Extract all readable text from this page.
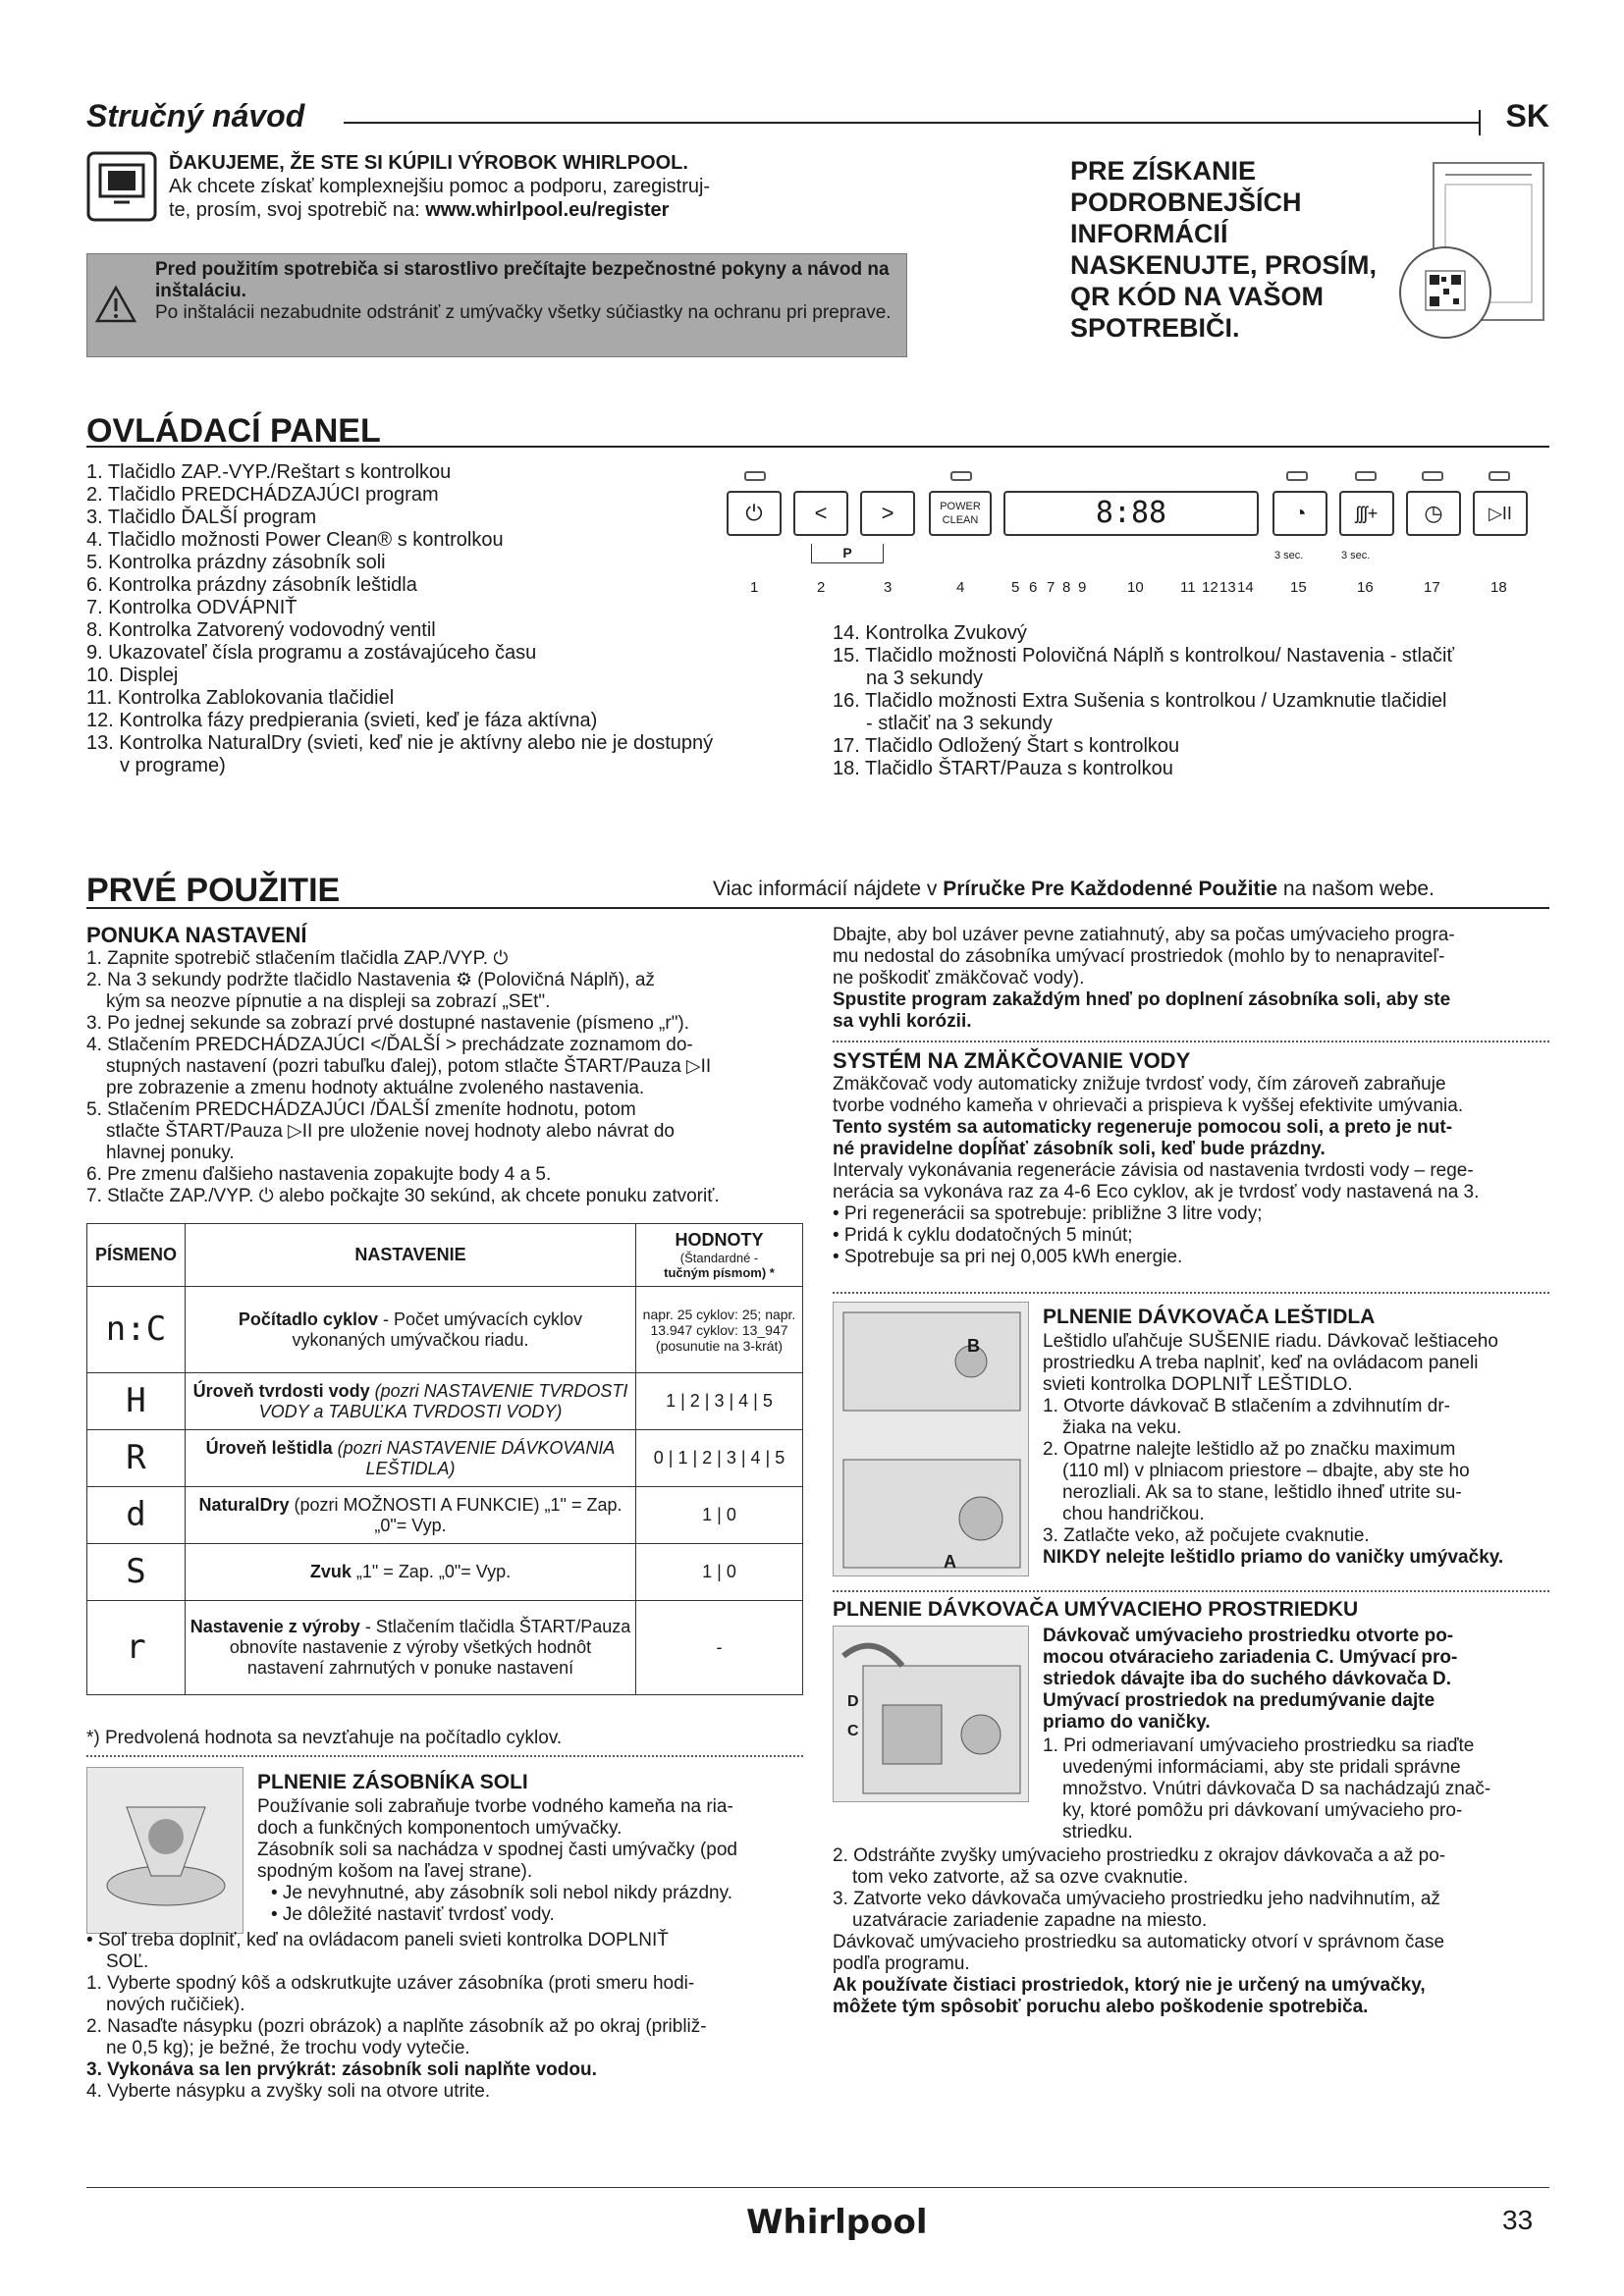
Stručný návod	SK
ĎAKUJEME, ŽE STE SI KÚPILI VÝROBOK WHIRLPOOL.
Ak chcete získať komplexnejšiu pomoc a podporu, zaregistruj-
te, prosím, svoj spotrebič na: www.whirlpool.eu/register
Pred použitím spotrebiča si starostlivo prečítajte bezpečnostné pokyny a návod na inštaláciu.
Po inštalácii nezabudnite odstrániť z umývačky všetky súčiastky na ochranu pri preprave.
PRE ZÍSKANIE PODROBNEJŠÍCH INFORMÁCIÍ NASKENUJTE, PROSÍM, QR KÓD NA VAŠOM SPOTREBIČI.
OVLÁDACÍ PANEL
1. Tlačidlo ZAP.-VYP./Reštart s kontrolkou
2. Tlačidlo PREDCHÁDZAJÚCI program
3. Tlačidlo ĎALŠÍ program
4. Tlačidlo možnosti Power Clean® s kontrolkou
5. Kontrolka prázdny zásobník soli
6. Kontrolka prázdny zásobník leštidla
7. Kontrolka ODVÁPNIŤ
8. Kontrolka Zatvorený vodovodný ventil
9. Ukazovateľ čísla programu a zostávajúceho času
10. Displej
11. Kontrolka Zablokovania tlačidiel
12. Kontrolka fázy predpierania (svieti, keď je fáza aktívna)
13. Kontrolka NaturalDry (svieti, keď nie je aktívny alebo nie je dostupný
v programe)
⏻	<	>	POWER
CLEAN	8:88	◔	ʃʃʃ+	◷	▷II
P	3 sec.	3 sec.
1	2	3	4	5 6 7 8 9	10 11 12 13 14 15	16	17	18
14. Kontrolka Zvukový
15. Tlačidlo možnosti Polovičná Náplň s kontrolkou/ Nastavenia - stlačiť
na 3 sekundy
16. Tlačidlo možnosti Extra Sušenia s kontrolkou / Uzamknutie tlačidiel
- stlačiť na 3 sekundy
17. Tlačidlo Odložený Štart s kontrolkou
18. Tlačidlo ŠTART/Pauza s kontrolkou
PRVÉ POUŽITIE	Viac informácií nájdete v Príručke Pre Každodenné Použitie na našom webe.
PONUKA NASTAVENÍ
1. Zapnite spotrebič stlačením tlačidla ZAP./VYP. ⏻
2. Na 3 sekundy podržte tlačidlo Nastavenia ⚙ (Polovičná Náplň), až
kým sa neozve pípnutie a na displeji sa zobrazí „SEt".
3. Po jednej sekunde sa zobrazí prvé dostupné nastavenie (písmeno „r").
4. Stlačením PREDCHÁDZAJÚCI </ĎALŠÍ > prechádzate zoznamom do-
stupných nastavení (pozri tabuľku ďalej), potom stlačte ŠTART/Pauza ▷II
pre zobrazenie a zmenu hodnoty aktuálne zvoleného nastavenia.
5. Stlačením PREDCHÁDZAJÚCI /ĎALŠÍ zmeníte hodnotu, potom
stlačte ŠTART/Pauza ▷II pre uloženie novej hodnoty alebo návrat do
hlavnej ponuky.
6. Pre zmenu ďalšieho nastavenia zopakujte body 4 a 5.
7. Stlačte ZAP./VYP. ⏻ alebo počkajte 30 sekúnd, ak chcete ponuku zatvoriť.
PÍSMENO	NASTAVENIE	HODNOTY
(Štandardné -
tučným písmom) *

n:C	Počítadlo cyklov - Počet umývacích cyklov vykonaných umývačkou riadu.	napr. 25 cyklov: 25; napr. 13.947 cyklov: 13_947 (posunutie na 3-krát)
H	Úroveň tvrdosti vody (pozri NASTAVENIE TVRDOSTI VODY a TABUĽKA TVRDOSTI VODY)	1 | 2 | 3 | 4 | 5
R	Úroveň leštidla (pozri NASTAVENIE DÁVKOVANIA LEŠTIDLA)	0 | 1 | 2 | 3 | 4 | 5
d	NaturalDry (pozri MOŽNOSTI A FUNKCIE) „1" = Zap. „0"= Vyp.	1 | 0
S	Zvuk „1" = Zap. „0"= Vyp.	1 | 0
r	Nastavenie z výroby - Stlačením tlačidla ŠTART/Pauza obnovíte nastavenie z výroby všetkých hodnôt nastavení zahrnutých v ponuke nastavení	-
*) Predvolená hodnota sa nevzťahuje na počítadlo cyklov.
PLNENIE ZÁSOBNÍKA SOLI
Používanie soli zabraňuje tvorbe vodného kameňa na ria-
doch a funkčných komponentoch umývačky.
Zásobník soli sa nachádza v spodnej časti umývačky (pod
spodným košom na ľavej strane).
• Je nevyhnutné, aby zásobník soli nebol nikdy prázdny.
• Je dôležité nastaviť tvrdosť vody.
• Soľ treba doplniť, keď na ovládacom paneli svieti kontrolka DOPLNIŤ
SOĽ.
1. Vyberte spodný kôš a odskrutkujte uzáver zásobníka (proti smeru hodi-
nových ručičiek).
2. Nasaďte násypku (pozri obrázok) a naplňte zásobník až po okraj (približ-
ne 0,5 kg); je bežné, že trochu vody vytečie.
3. Vykonáva sa len prvýkrát: zásobník soli naplňte vodou.
4. Vyberte násypku a zvyšky soli na otvore utrite.
Dbajte, aby bol uzáver pevne zatiahnutý, aby sa počas umývacieho progra-
mu nedostal do zásobníka umývací prostriedok (mohlo by to nenapraviteľ-
ne poškodiť zmäkčovač vody).
Spustite program zakaždým hneď po doplnení zásobníka soli, aby ste
sa vyhli korózii.
SYSTÉM NA ZMÄKČOVANIE VODY
Zmäkčovač vody automaticky znižuje tvrdosť vody, čím zároveň zabraňuje
tvorbe vodného kameňa v ohrievači a prispieva k vyššej efektivite umývania.
Tento systém sa automaticky regeneruje pomocou soli, a preto je nut-
né pravidelne dopĺňať zásobník soli, keď bude prázdny.
Intervaly vykonávania regenerácie závisia od nastavenia tvrdosti vody – rege-
nerácia sa vykonáva raz za 4-6 Eco cyklov, ak je tvrdosť vody nastavená na 3.
• Pri regenerácii sa spotrebuje: približne 3 litre vody;
• Pridá k cyklu dodatočných 5 minút;
• Spotrebuje sa pri nej 0,005 kWh energie.
B
A
PLNENIE DÁVKOVAČA LEŠTIDLA
Leštidlo uľahčuje SUŠENIE riadu. Dávkovač leštiaceho
prostriedku A treba naplniť, keď na ovládacom paneli
svieti kontrolka DOPLNIŤ LEŠTIDLO.
1. Otvorte dávkovač B stlačením a zdvihnutím dr-
žiaka na veku.
2. Opatrne nalejte leštidlo až po značku maximum
(110 ml) v plniacom priestore – dbajte, aby ste ho
nerozliali. Ak sa to stane, leštidlo ihneď utrite su-
chou handričkou.
3. Zatlačte veko, až počujete cvaknutie.
NIKDY nelejte leštidlo priamo do vaničky umývačky.
PLNENIE DÁVKOVAČA UMÝVACIEHO PROSTRIEDKU
D
C
Dávkovač umývacieho prostriedku otvorte po-
mocou otváracieho zariadenia C. Umývací pro-
striedok dávajte iba do suchého dávkovača D.
Umývací prostriedok na predumývanie dajte
priamo do vaničky.
1. Pri odmeriavaní umývacieho prostriedku sa riaďte
uvedenými informáciami, aby ste pridali správne
množstvo. Vnútri dávkovača D sa nachádzajú znač-
ky, ktoré pomôžu pri dávkovaní umývacieho pro-
striedku.
2. Odstráňte zvyšky umývacieho prostriedku z okrajov dávkovača a až po-
tom veko zatvorte, až sa ozve cvaknutie.
3. Zatvorte veko dávkovača umývacieho prostriedku jeho nadvihnutím, až
uzatváracie zariadenie zapadne na miesto.
Dávkovač umývacieho prostriedku sa automaticky otvorí v správnom čase
podľa programu.
Ak používate čistiaci prostriedok, ktorý nie je určený na umývačky,
môžete tým spôsobiť poruchu alebo poškodenie spotrebiča.
Whirlpool	33
